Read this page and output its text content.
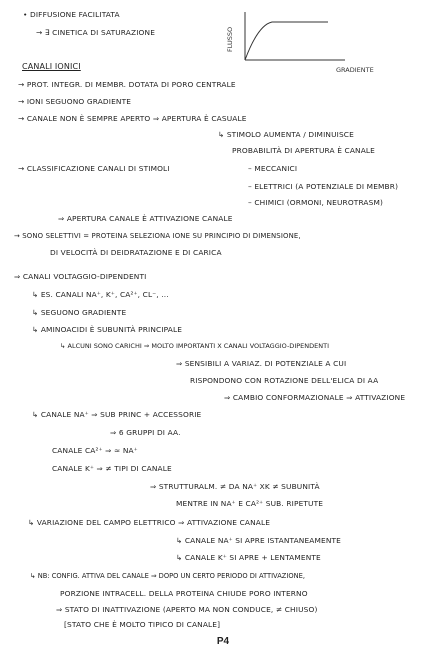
FLUSSO
GRADIENTE
• DIFFUSIONE FACILITATA
→ ∃ CINETICA DI SATURAZIONE
CANALI IONICI
→ PROT. INTEGR. DI MEMBR. DOTATA DI PORO CENTRALE
→ IONI SEGUONO GRADIENTE
→ CANALE NON È SEMPRE APERTO ⇒ APERTURA È CASUALE
↳ STIMOLO AUMENTA / DIMINUISCE
PROBABILITÀ DI APERTURA È CANALE
→ CLASSIFICAZIONE CANALI DI STIMOLI	– MECCANICI
– ELETTRICI (A POTENZIALE DI MEMBR)
– CHIMICI (ORMONI, NEUROTRASM)
⇒ APERTURA CANALE È ATTIVAZIONE CANALE
→ SONO SELETTIVI = PROTEINA SELEZIONA IONE SU PRINCIPIO DI DIMENSIONE,
DI VELOCITÀ DI DEIDRATAZIONE E DI CARICA
⇒ CANALI VOLTAGGIO-DIPENDENTI
↳ ES. CANALI NA⁺, K⁺, CA²⁺, CL⁻, ...
↳ SEGUONO GRADIENTE
↳ AMINOACIDI È SUBUNITÀ PRINCIPALE
↳ ALCUNI SONO CARICHI ⇒ MOLTO IMPORTANTI X CANALI VOLTAGGIO-DIPENDENTI
⇒ SENSIBILI A VARIAZ. DI POTENZIALE A CUI
RISPONDONO CON ROTAZIONE DELL'ELICA DI AA
⇒ CAMBIO CONFORMAZIONALE ⇒ ATTIVAZIONE
↳ CANALE NA⁺ ⇒ SUB PRINC + ACCESSORIE
⇒ 6 GRUPPI DI AA.
CANALE CA²⁺ ⇒ ≈ NA⁺
CANALE K⁺ ⇒ ≠ TIPI DI CANALE
⇒ STRUTTURALM. ≠ DA NA⁺ XK ≠ SUBUNITÀ
MENTRE IN NA⁺ E CA²⁺ SUB. RIPETUTE
↳ VARIAZIONE DEL CAMPO ELETTRICO ⇒ ATTIVAZIONE CANALE
↳ CANALE NA⁺ SI APRE ISTANTANEAMENTE
↳ CANALE K⁺ SI APRE + LENTAMENTE
↳ NB: CONFIG. ATTIVA DEL CANALE ⇒ DOPO UN CERTO PERIODO DI ATTIVAZIONE,
PORZIONE INTRACELL. DELLA PROTEINA CHIUDE PORO INTERNO
⇒ STATO DI INATTIVAZIONE (APERTO MA NON CONDUCE, ≠ CHIUSO)
[STATO CHE È MOLTO TIPICO DI CANALE]
P4
